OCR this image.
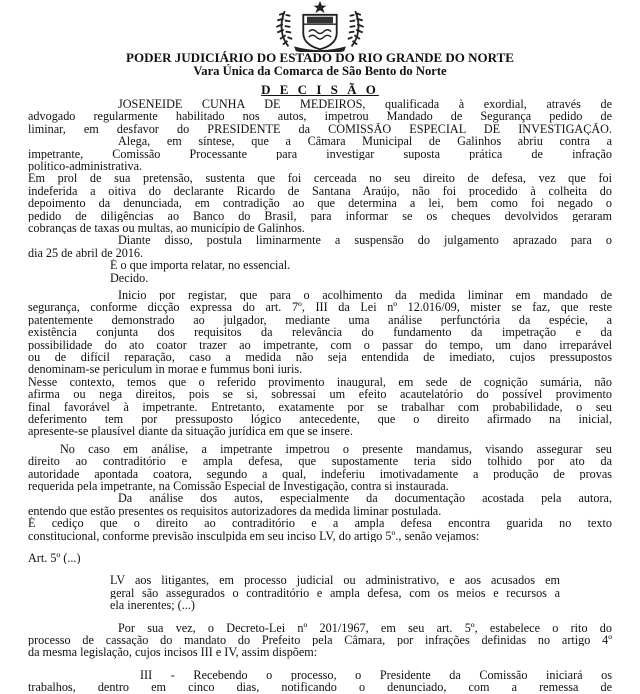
PODER JUDICIÁRIO DO ESTADO DO RIO GRANDE DO NORTE
Vara Única da Comarca de São Bento do Norte
D E C I S Ã O
JOSENEIDE CUNHA DE MEDEIROS, qualificada à exordial, através de
advogado regularmente habilitado nos autos, impetrou Mandado de Segurança pedido de
liminar, em desfavor do PRESIDENTE da COMISSÃO ESPECIAL DE INVESTIGAÇÃO.
Alega, em síntese, que a Câmara Municipal de Galinhos abriu contra a
impetrante, Comissão Processante para investigar suposta prática de infração
politico-administrativa.
Em prol de sua pretensão, sustenta que foi cerceada no seu direito de defesa, vez que foi
indeferida a oitiva do declarante Ricardo de Santana Araújo, não foi procedido à colheita do
depoimento da denunciada, em contradição ao que determina a lei, bem como foi negado o
pedido de diligências ao Banco do Brasil, para informar se os cheques devolvidos geraram
cobranças de taxas ou multas, ao município de Galinhos.
Diante disso, postula liminarmente a suspensão do julgamento aprazado para o
dia 25 de abril de 2016.
É o que importa relatar, no essencial.
Decido.
Inicio por registar, que para o acolhimento da medida liminar em mandado de
segurança, conforme dicção expressa do art. 7º, III da Lei nº 12.016/09, mister se faz, que reste
patentemente demonstrado ao julgador, mediante uma análise perfunctória da espécie, a
existência conjunta dos requisitos da relevância do fundamento da impetração e da
possibilidade do ato coator trazer ao impetrante, com o passar do tempo, um dano irreparável
ou de difícil reparação, caso a medida não seja entendida de imediato, cujos pressupostos
denominam-se periculum in morae e fummus boni iuris.
Nesse contexto, temos que o referido provimento inaugural, em sede de cognição sumária, não
afirma ou nega direitos, pois se si, sobressai um efeito acautelatório do possível provimento
final favorável à impetrante. Entretanto, exatamente por se trabalhar com probabilidade, o seu
deferimento tem por pressuposto lógico antecedente, que o direito afirmado na inicial,
apresente-se plausível diante da situação jurídica em que se insere.
No caso em análise, a impetrante impetrou o presente mandamus, visando assegurar seu
direito ao contraditório e ampla defesa, que supostamente teria sido tolhido por ato da
autoridade apontada coatora, segundo a qual, indeferiu imotivadamente a produção de provas
requerida pela impetrante, na Comissão Especial de Investigação, contra si instaurada.
Da análise dos autos, especialmente da documentação acostada pela autora,
entendo que estão presentes os requisitos autorizadores da medida liminar postulada.
É cediço que o direito ao contraditório e a ampla defesa encontra guarida no texto
constitucional, conforme previsão insculpida em seu inciso LV, do artigo 5º., senão vejamos:
Art. 5º (...)
LV aos litigantes, em processo judicial ou administrativo, e aos acusados em
geral são assegurados o contraditório e ampla defesa, com os meios e recursos a
ela inerentes; (...)
Por sua vez, o Decreto-Lei nº 201/1967, em seu art. 5º, estabelece o rito do
processo de cassação do mandato do Prefeito pela Câmara, por infrações definidas no artigo 4º
da mesma legislação, cujos incisos III e IV, assim dispõem:
III - Recebendo o processo, o Presidente da Comissão iniciará os
trabalhos, dentro em cinco dias, notificando o denunciado, com a remessa de
